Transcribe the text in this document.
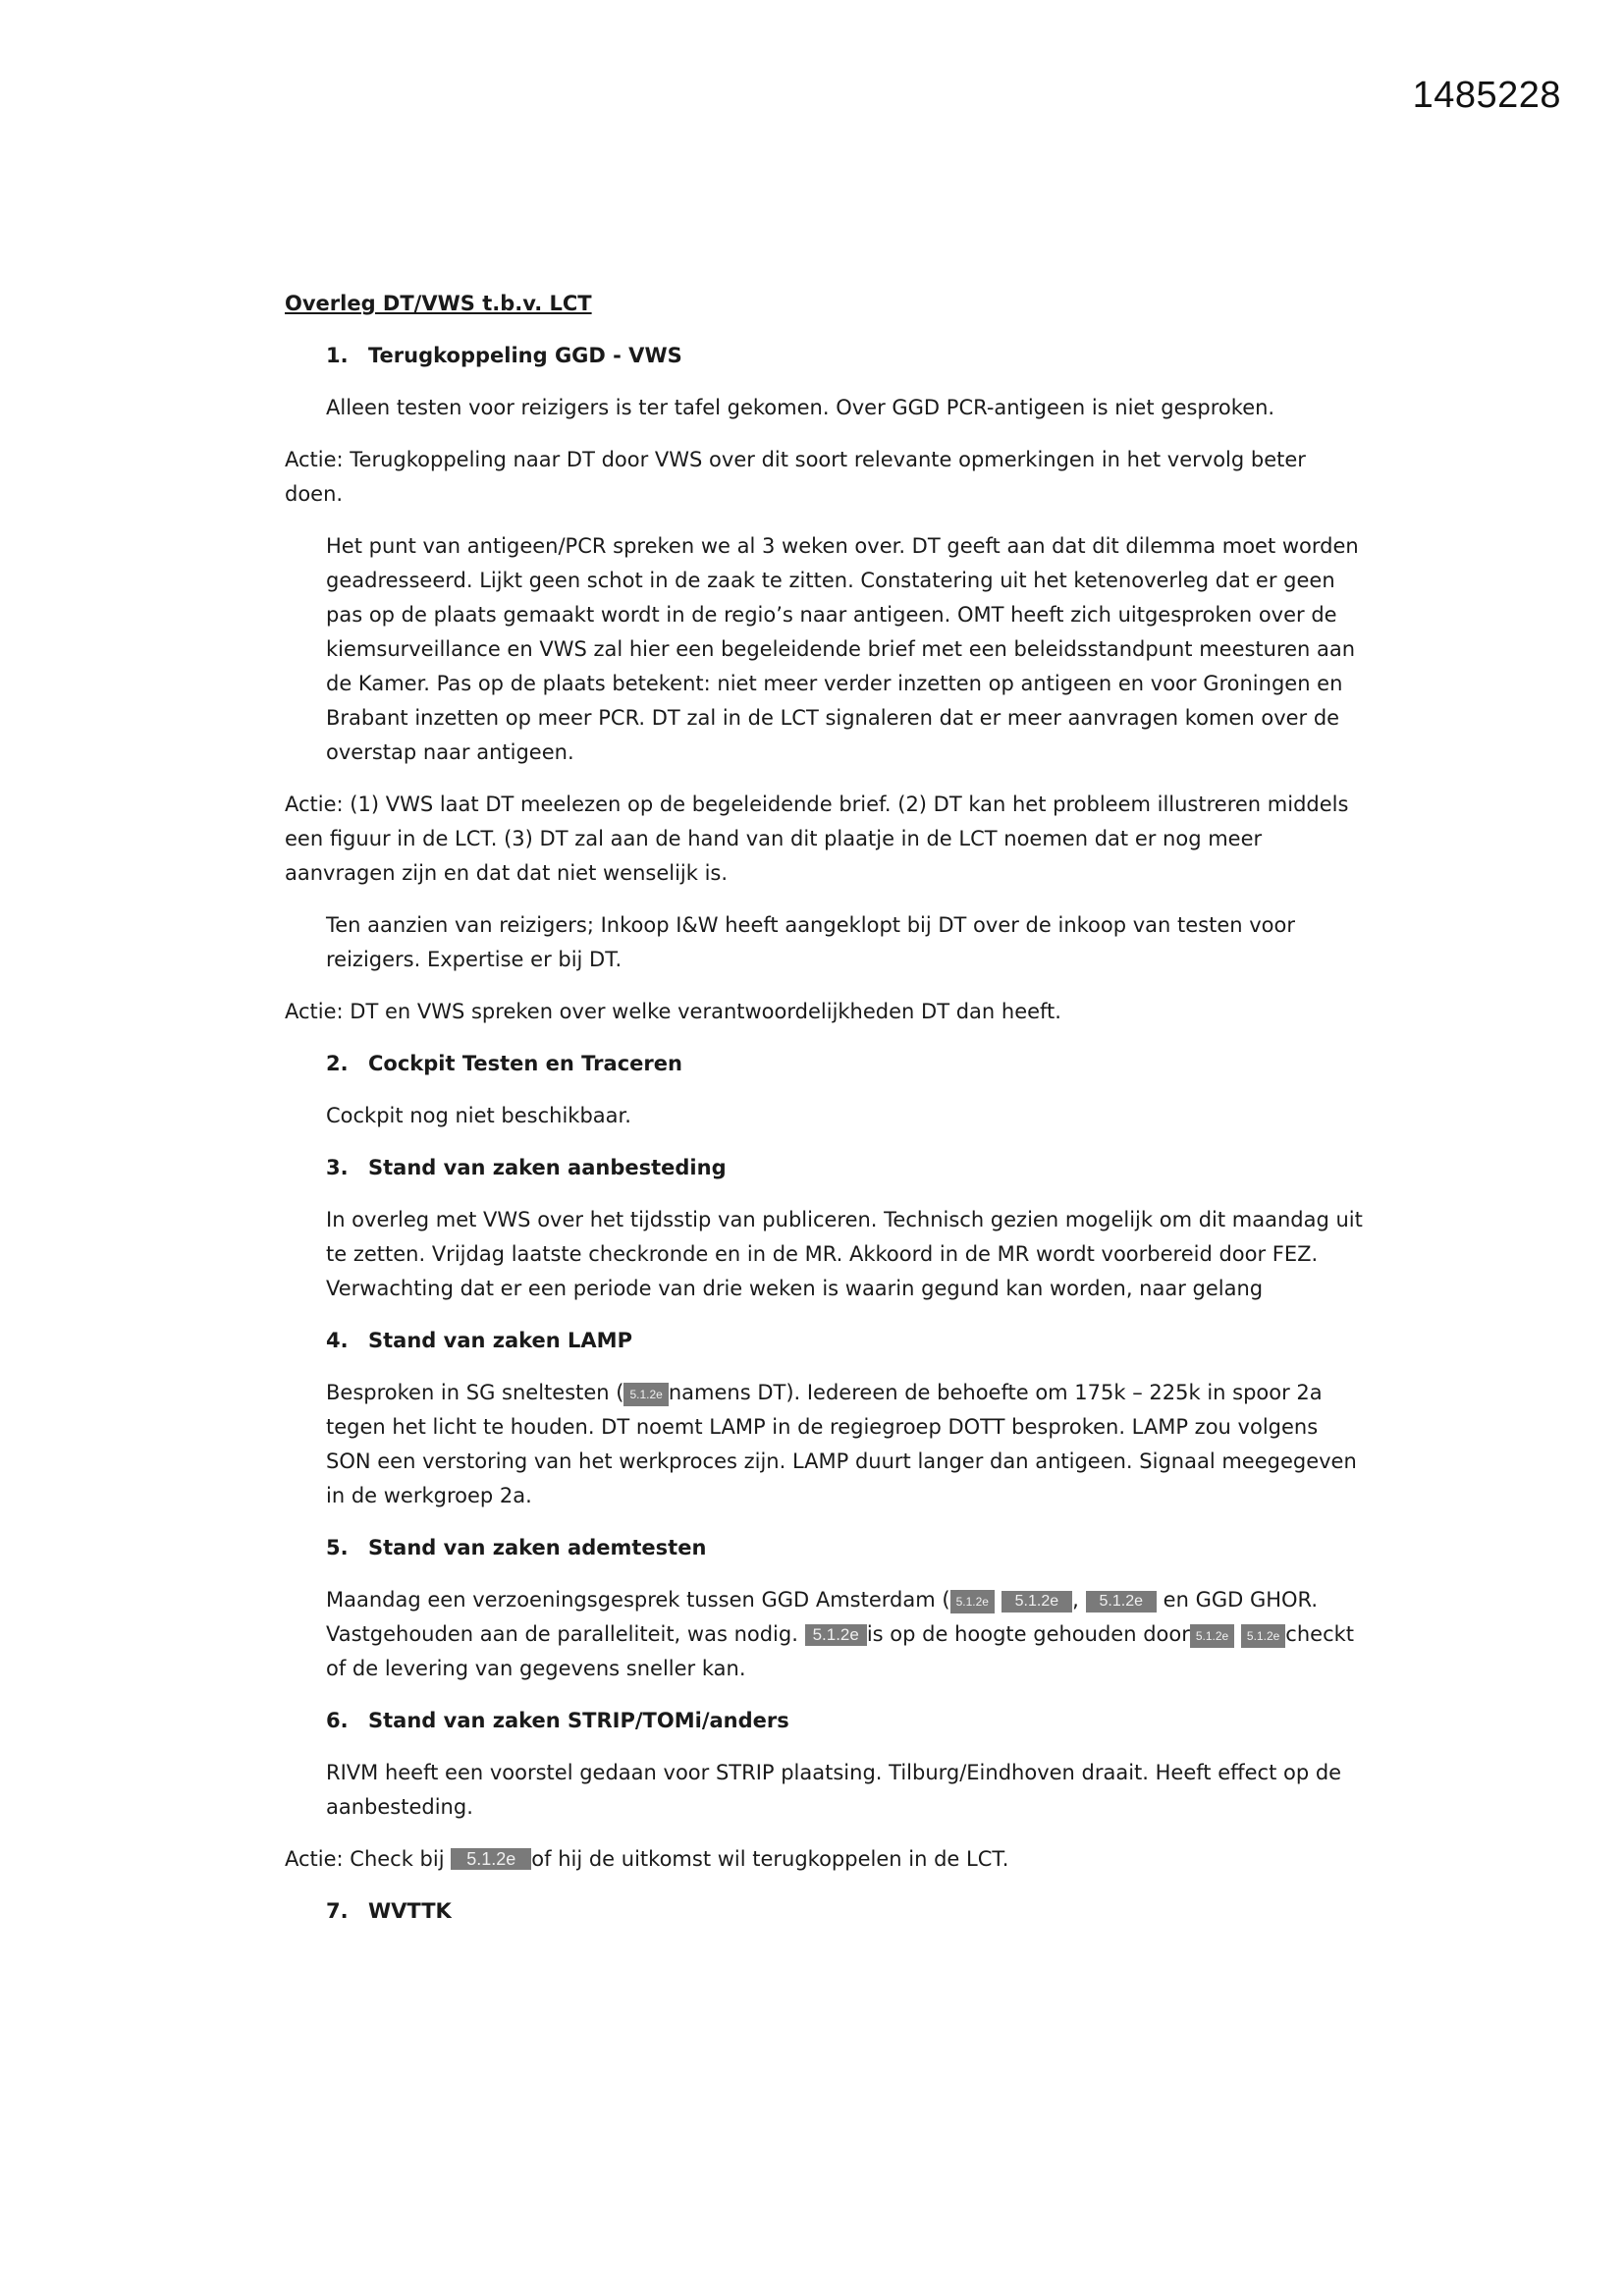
1485228
Overleg DT/VWS t.b.v. LCT
1. Terugkoppeling GGD - VWS

Alleen testen voor reizigers is ter tafel gekomen. Over GGD PCR-antigeen is niet gesproken.

Actie: Terugkoppeling naar DT door VWS over dit soort relevante opmerkingen in het vervolg beter doen.

Het punt van antigeen/PCR spreken we al 3 weken over. DT geeft aan dat dit dilemma moet worden geadresseerd. Lijkt geen schot in de zaak te zitten. Constatering uit het ketenoverleg dat er geen pas op de plaats gemaakt wordt in de regio’s naar antigeen. OMT heeft zich uitgesproken over de kiemsurveillance en VWS zal hier een begeleidende brief met een beleidsstandpunt meesturen aan de Kamer. Pas op de plaats betekent: niet meer verder inzetten op antigeen en voor Groningen en Brabant inzetten op meer PCR. DT zal in de LCT signaleren dat er meer aanvragen komen over de overstap naar antigeen.

Actie: (1) VWS laat DT meelezen op de begeleidende brief. (2) DT kan het probleem illustreren middels een figuur in de LCT. (3) DT zal aan de hand van dit plaatje in de LCT noemen dat er nog meer aanvragen zijn en dat dat niet wenselijk is.

Ten aanzien van reizigers; Inkoop I&W heeft aangeklopt bij DT over de inkoop van testen voor reizigers. Expertise er bij DT.

Actie: DT en VWS spreken over welke verantwoordelijkheden DT dan heeft.

2. Cockpit Testen en Traceren

Cockpit nog niet beschikbaar.

3. Stand van zaken aanbesteding

In overleg met VWS over het tijdsstip van publiceren. Technisch gezien mogelijk om dit maandag uit te zetten. Vrijdag laatste checkronde en in de MR. Akkoord in de MR wordt voorbereid door FEZ. Verwachting dat er een periode van drie weken is waarin gegund kan worden, naar gelang

4. Stand van zaken LAMP

Besproken in SG sneltesten ( 5.1.2e namens DT). Iedereen de behoefte om 175k – 225k in spoor 2a tegen het licht te houden. DT noemt LAMP in de regiegroep DOTT besproken. LAMP zou volgens SON een verstoring van het werkproces zijn. LAMP duurt langer dan antigeen. Signaal meegegeven in de werkgroep 2a.

5. Stand van zaken ademtesten

Maandag een verzoeningsgesprek tussen GGD Amsterdam ( 5.1.2e 5.1.2e , 5.1.2e en GGD GHOR. Vastgehouden aan de paralleliteit, was nodig. 5.1.2e is op de hoogte gehouden door 5.1.2e 5.1.2e checkt of de levering van gegevens sneller kan.

6. Stand van zaken STRIP/TOMi/anders

RIVM heeft een voorstel gedaan voor STRIP plaatsing. Tilburg/Eindhoven draait. Heeft effect op de aanbesteding.

Actie: Check bij 5.1.2e of hij de uitkomst wil terugkoppelen in de LCT.

7. WVTTK
